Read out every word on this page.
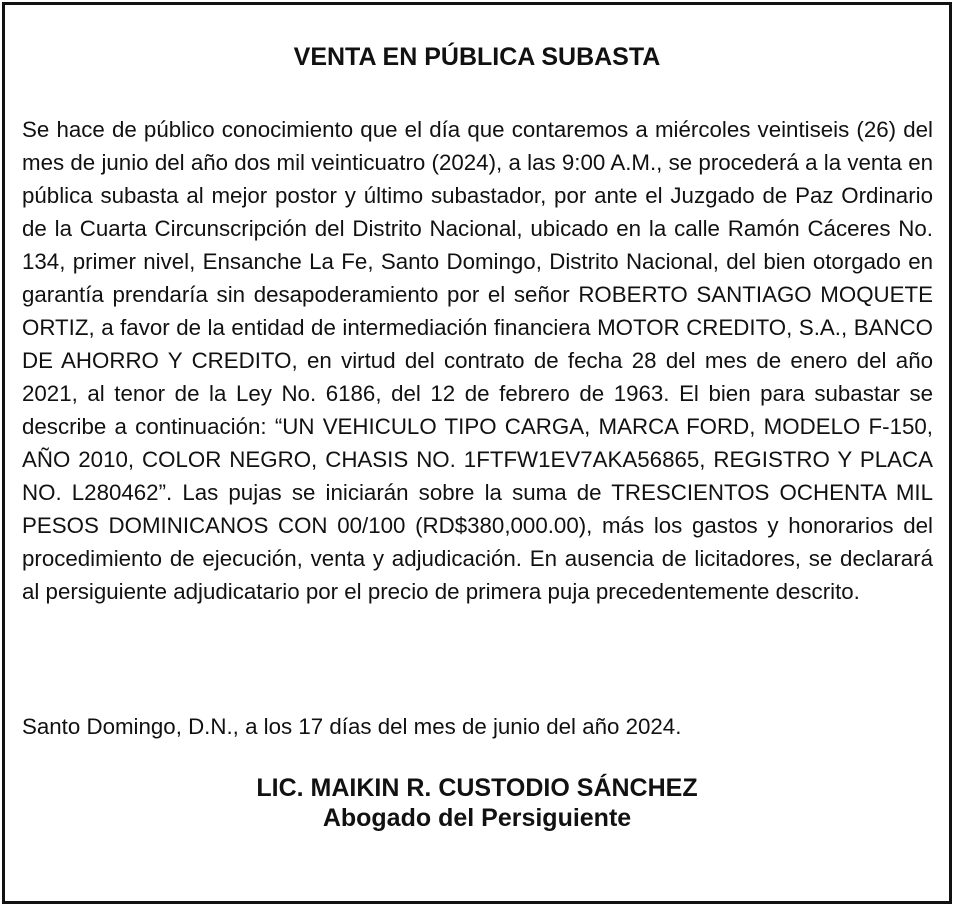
VENTA EN PÚBLICA SUBASTA

Se hace de público conocimiento que el día que contaremos a miércoles veintiseis (26) del mes de junio del año dos mil veinticuatro (2024), a las 9:00 A.M., se procederá a la venta en pública subasta al mejor postor y último subastador, por ante el Juzgado de Paz Ordinario de la Cuarta Circunscripción del Distrito Nacional, ubicado en la calle Ramón Cáceres No. 134, primer nivel, Ensanche La Fe, Santo Domingo, Distrito Nacional, del bien otorgado en garantía prendaría sin desapoderamiento por el señor ROBERTO SANTIAGO MOQUETE ORTIZ, a favor de la entidad de intermediación financiera MOTOR CREDITO, S.A., BANCO DE AHORRO Y CREDITO, en virtud del contrato de fecha 28 del mes de enero del año 2021, al tenor de la Ley No. 6186, del 12 de febrero de 1963. El bien para subastar se describe a continuación: “UN VEHICULO TIPO CARGA, MARCA FORD, MODELO F-150, AÑO 2010, COLOR NEGRO, CHASIS NO. 1FTFW1EV7AKA56865, REGISTRO Y PLACA NO. L280462”. Las pujas se iniciarán sobre la suma de TRESCIENTOS OCHENTA MIL PESOS DOMINICANOS CON 00/100 (RD$380,000.00), más los gastos y honorarios del procedimiento de ejecución, venta y adjudicación. En ausencia de licitadores, se declarará al persiguiente adjudicatario por el precio de primera puja precedentemente descrito.

Santo Domingo, D.N., a los 17 días del mes de junio del año 2024.

LIC. MAIKIN R. CUSTODIO SÁNCHEZ
Abogado del Persiguiente
